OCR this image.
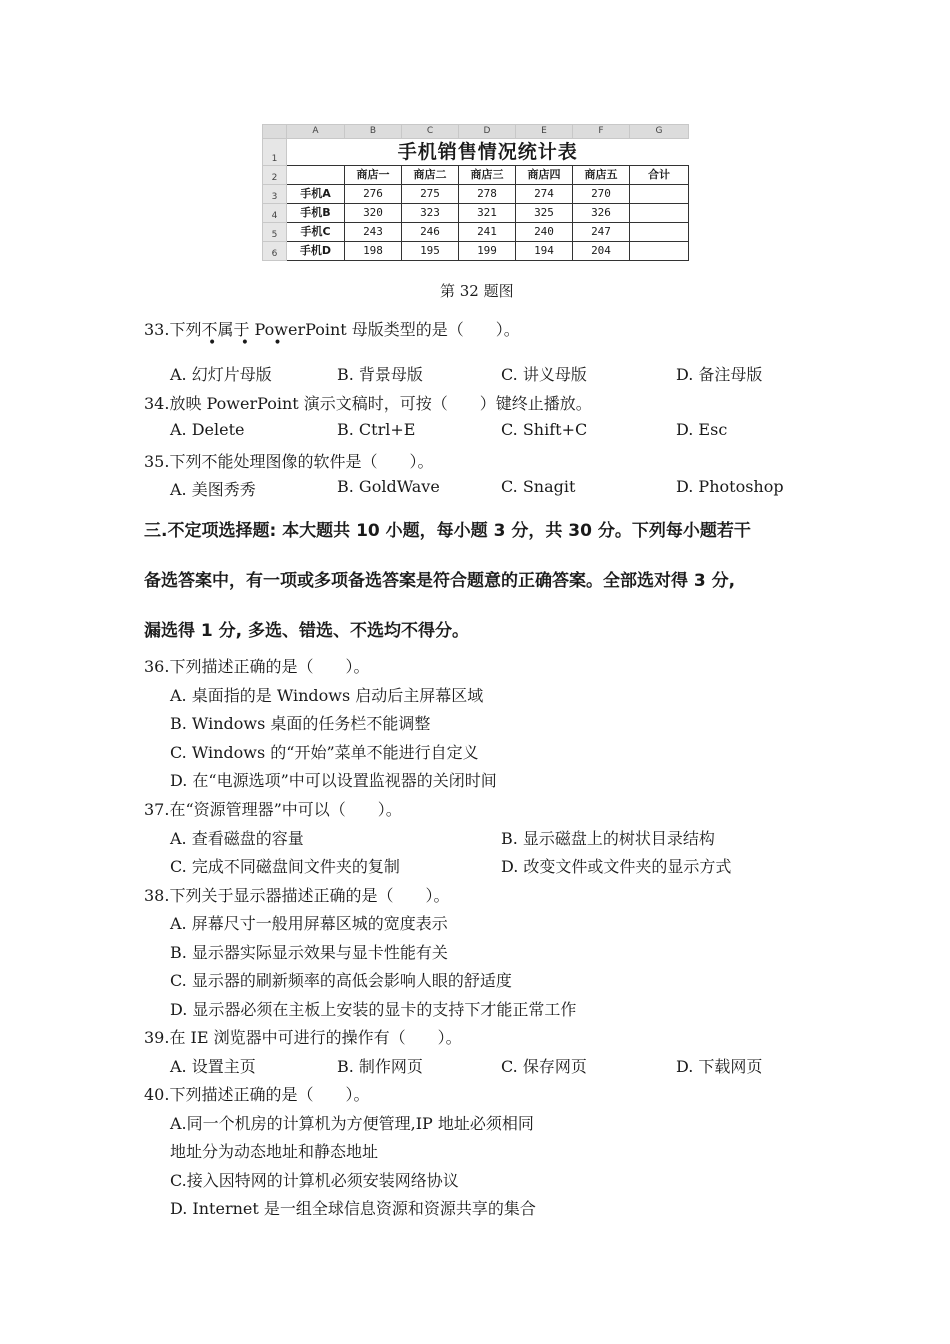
	A	B	C	D	E	F	G
1	手机销售情况统计表						
2		商店一	商店二	商店三	商店四	商店五	合计
3	手机A	276	275	278	274	270	
4	手机B	320	323	321	325	326	
5	手机C	243	246	241	240	247	
6	手机D	198	195	199	194	204	
第 32 题图
33.下列不属于 PowerPoint 母版类型的是（　　）。
• • •
A. 幻灯片母版	B. 背景母版	C. 讲义母版	D. 备注母版
34.放映 PowerPoint 演示文稿时，可按（　　）键终止播放。
A. Delete	B. Ctrl+E	C. Shift+C	D. Esc
35.下列不能处理图像的软件是（　　）。
A. 美图秀秀	B. GoldWave	C. Snagit	D. Photoshop
三.不定项选择题: 本大题共 10 小题，每小题 3 分，共 30 分。下列每小题若干
备选答案中，有一项或多项备选答案是符合题意的正确答案。全部选对得 3 分,
漏选得 1 分, 多选、错选、不选均不得分。
36.下列描述正确的是（　　）。
A. 桌面指的是 Windows 启动后主屏幕区域
B. Windows 桌面的任务栏不能调整
C. Windows 的“开始”菜单不能进行自定义
D. 在“电源选项”中可以设置监视器的关闭时间
37.在“资源管理器”中可以（　　）。
A. 查看磁盘的容量	B. 显示磁盘上的树状目录结构
C. 完成不同磁盘间文件夹的复制	D. 改变文件或文件夹的显示方式
38.下列关于显示器描述正确的是（　　）。
A. 屏幕尺寸一般用屏幕区城的宽度表示
B. 显示器实际显示效果与显卡性能有关
C. 显示器的刷新频率的高低会影响人眼的舒适度
D. 显示器必须在主板上安装的显卡的支持下才能正常工作
39.在 IE 浏览器中可进行的操作有（　　）。
A. 设置主页	B. 制作网页	C. 保存网页	D. 下载网页
40.下列描述正确的是（　　）。
A.同一个机房的计算机为方便管理,IP 地址必须相同
地址分为动态地址和静态地址
C.接入因特网的计算机必须安装网络协议
D. Internet 是一组全球信息资源和资源共享的集合
